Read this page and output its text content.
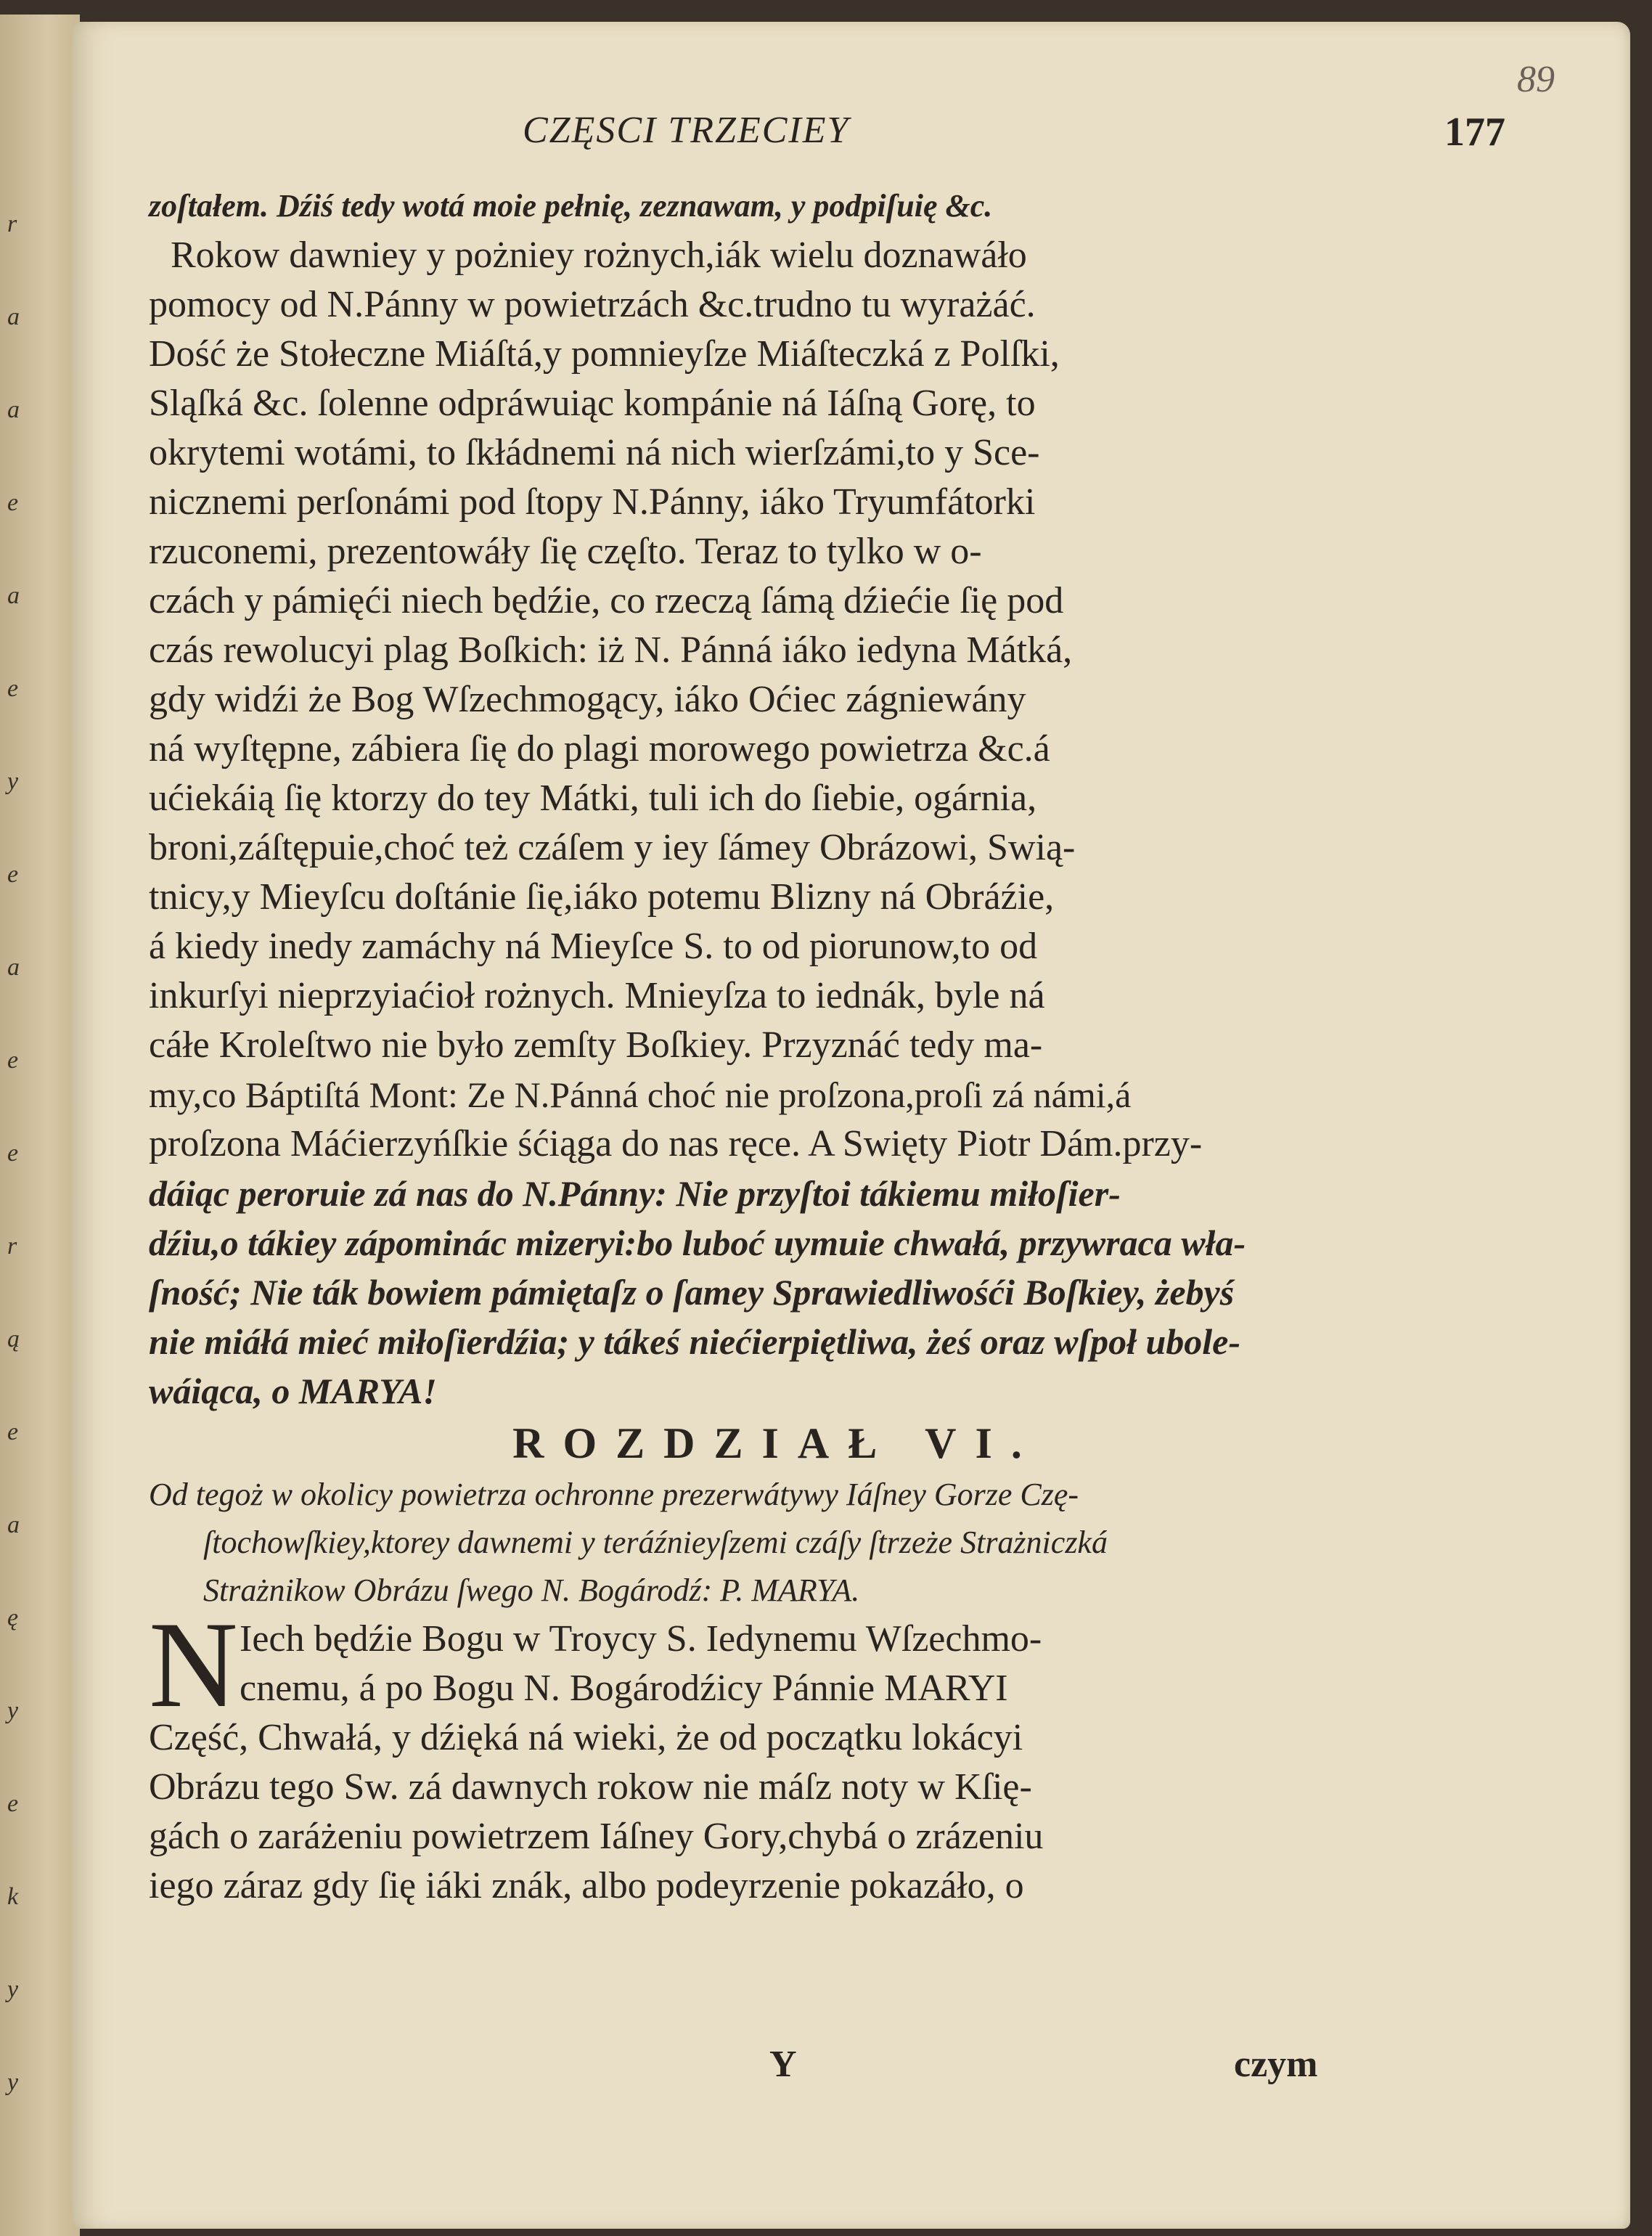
r
a
a
e
a
e
y
e
a
e
e
r
ą
e
a
ę
y
e
k
y
y
89
CZĘSCI TRZECIEY	177
zoſtałem. Dźiś tedy wotá moie pełnię, zeznawam, y podpiſuię &c.
Rokow dawniey y pożniey rożnych,iák wielu doznawáło
pomocy od N.Pánny w powietrzách &c.trudno tu wyrażáć.
Dość że Stołeczne Miáſtá,y pomnieyſze Miáſteczká z Polſki,
Sląſká &c. ſolenne odpráwuiąc kompánie ná Iáſną Gorę, to
okrytemi wotámi, to ſkłádnemi ná nich wierſzámi,to y Sce-
nicznemi perſonámi pod ſtopy N.Pánny, iáko Tryumfátorki
rzuconemi, prezentowáły ſię częſto. Teraz to tylko w o-
czách y pámięći niech będźie, co rzeczą ſámą dźiećie ſię pod
czás rewolucyi plag Boſkich: iż N. Pánná iáko iedyna Mátká,
gdy widźi że Bog Wſzechmogący, iáko Oćiec zágniewány
ná wyſtępne, zábiera ſię do plagi morowego powietrza &c.á
ućiekáią ſię ktorzy do tey Mátki, tuli ich do ſiebie, ogárnia,
broni,záſtępuie,choć też czáſem y iey ſámey Obrázowi, Swią-
tnicy,y Mieyſcu doſtánie ſię,iáko potemu Blizny ná Obráźie,
á kiedy inedy zamáchy ná Mieyſce S. to od piorunow,to od
inkurſyi nieprzyiaćioł rożnych. Mnieyſza to iednák, byle ná
cáłe Kroleſtwo nie było zemſty Boſkiey. Przyznáć tedy ma-
my,co Báptiſtá Mont: Ze N.Pánná choć nie proſzona,proſi zá námi,á
proſzona Máćierzyńſkie śćiąga do nas ręce. A Swięty Piotr Dám.przy-
dáiąc peroruie zá nas do N.Pánny: Nie przyſtoi tákiemu miłoſier-
dźiu,o tákiey zápominác mizeryi:bo luboć uymuie chwałá, przywraca wła-
ſność; Nie ták bowiem pámiętaſz o ſamey Sprawiedliwośći Boſkiey, żebyś
nie miáłá mieć miłoſierdźia; y tákeś niećierpiętliwa, żeś oraz wſpoł ubole-
wáiąca, o MARYA!
ROZDZIAŁ VI.
Od tegoż w okolicy powietrza ochronne prezerwátywy Iáſney Gorze Czę-
ſtochowſkiey,ktorey dawnemi y teráźnieyſzemi czáſy ſtrzeże Strażniczká
Strażnikow Obrázu ſwego N. Bogárodź: P. MARYA.
N Iech będźie Bogu w Troycy S. Iedynemu Wſzechmo-
cnemu, á po Bogu N. Bogárodźicy Pánnie MARYI
Część, Chwałá, y dźięká ná wieki, że od początku lokácyi
Obrázu tego Sw. zá dawnych rokow nie máſz noty w Kſię-
gách o zaráżeniu powietrzem Iáſney Gory,chybá o zrázeniu
iego záraz gdy ſię iáki znák, albo podeyrzenie pokazáło, o
Y	czym
